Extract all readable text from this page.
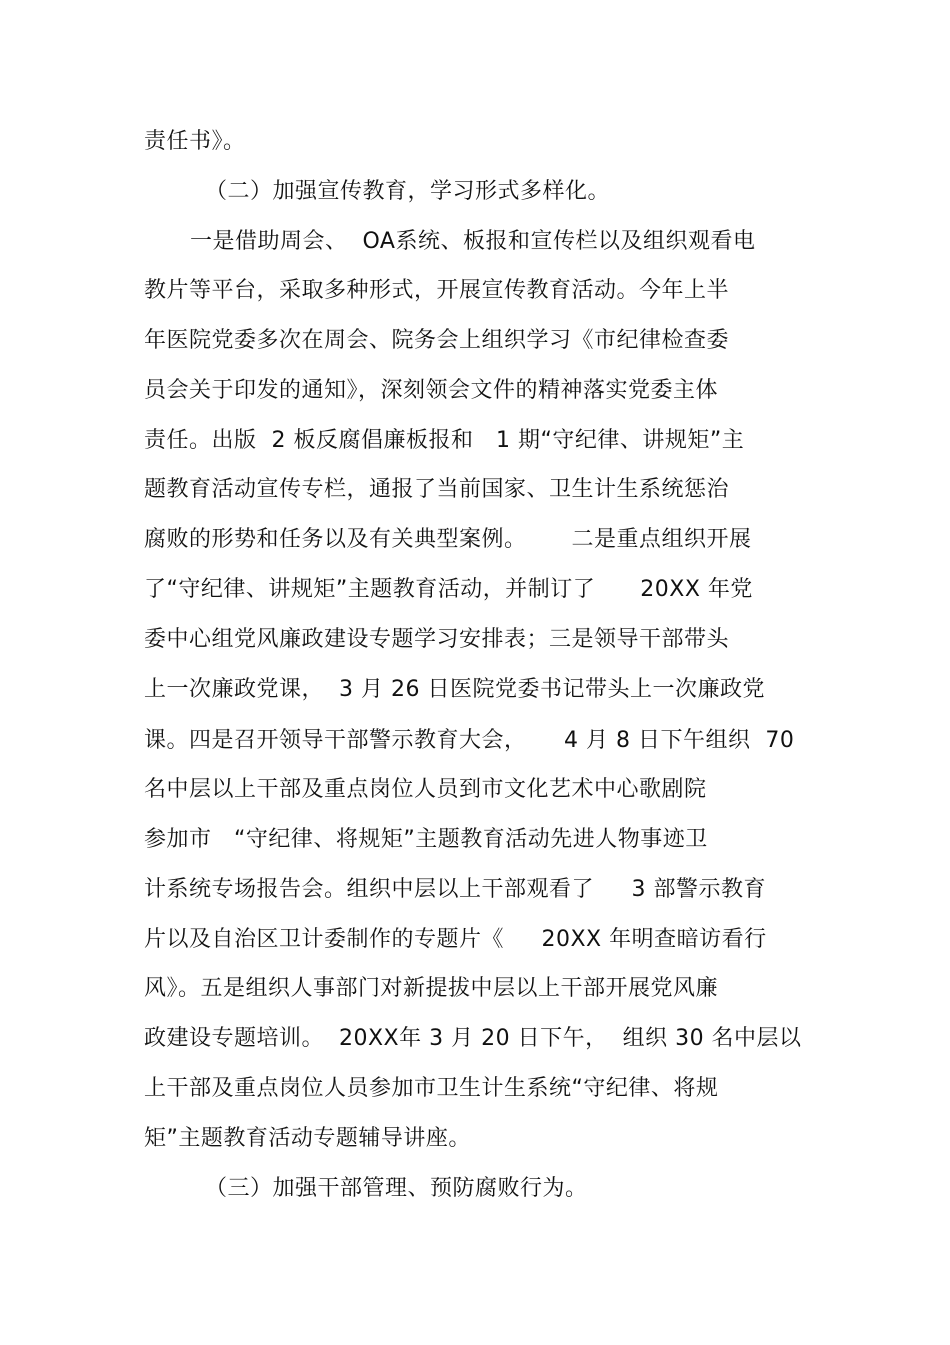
责任书》。
（二）加强宣传教育，学习形式多样化。
一是借助周会、  OA系统、板报和宣传栏以及组织观看电
教片等平台，采取多种形式，开展宣传教育活动。今年上半
年医院党委多次在周会、院务会上组织学习《市纪律检查委
员会关于印发的通知》，深刻领会文件的精神落实党委主体
责任。出版  2 板反腐倡廉板报和   1 期“守纪律、讲规矩”主
题教育活动宣传专栏，通报了当前国家、卫生计生系统惩治
腐败的形势和任务以及有关典型案例。      二是重点组织开展
了“守纪律、讲规矩”主题教育活动，并制订了      20XX 年党
委中心组党风廉政建设专题学习安排表；三是领导干部带头
上一次廉政党课，  3 月 26 日医院党委书记带头上一次廉政党
课。四是召开领导干部警示教育大会，     4 月 8 日下午组织  70
名中层以上干部及重点岗位人员到市文化艺术中心歌剧院
参加市   “守纪律、将规矩”主题教育活动先进人物事迹卫
计系统专场报告会。组织中层以上干部观看了     3 部警示教育
片以及自治区卫计委制作的专题片《     20XX 年明查暗访看行
风》。五是组织人事部门对新提拔中层以上干部开展党风廉
政建设专题培训。  20XX年 3 月 20 日下午，  组织 30 名中层以
上干部及重点岗位人员参加市卫生计生系统“守纪律、将规
矩”主题教育活动专题辅导讲座。
（三）加强干部管理、预防腐败行为。
